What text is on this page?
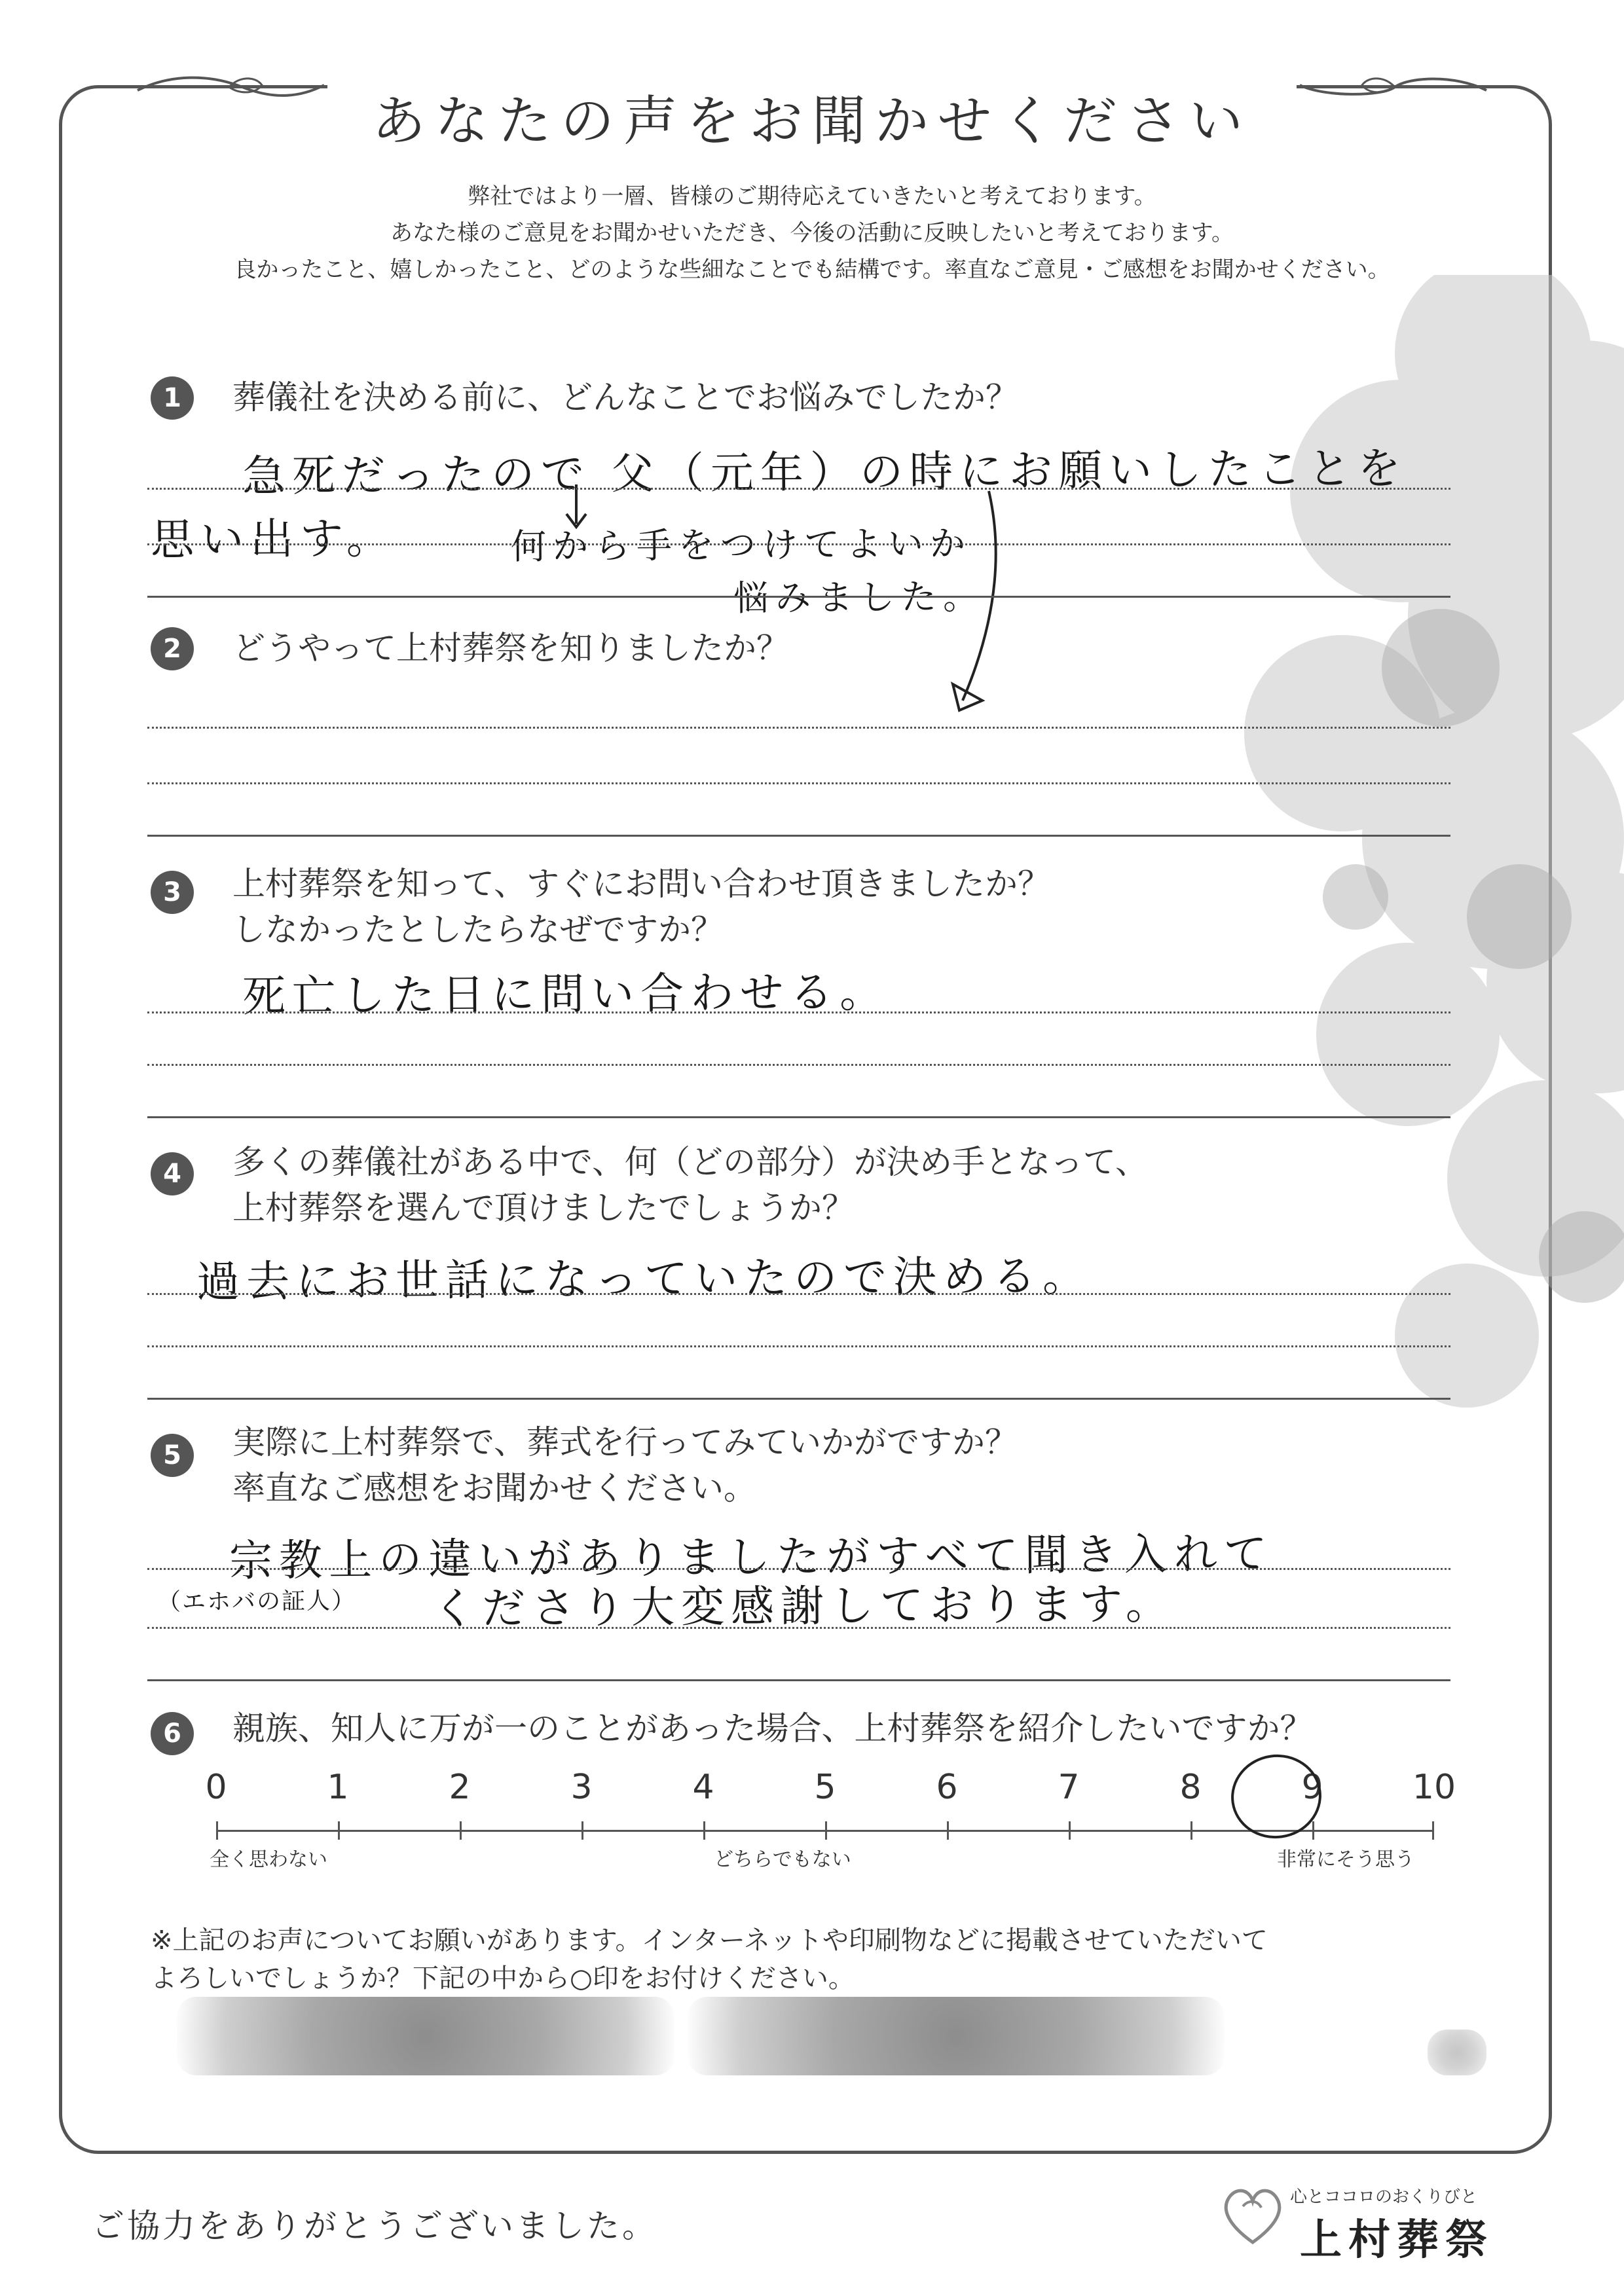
あなたの声をお聞かせください
弊社ではより一層、皆様のご期待応えていきたいと考えております。
あなた様のご意見をお聞かせいただき、今後の活動に反映したいと考えております。
良かったこと、嬉しかったこと、どのような些細なことでも結構です。率直なご意見・ご感想をお聞かせください。
1	葬儀社を決める前に、どんなことでお悩みでしたか？
急死だったので 父（元年）の時にお願いしたことを
思い出す。	何から手をつけてよいか
悩みました。
2	どうやって上村葬祭を知りましたか？
3	上村葬祭を知って、すぐにお問い合わせ頂きましたか？
しなかったとしたらなぜですか？
死亡した日に問い合わせる。
4	多くの葬儀社がある中で、何（どの部分）が決め手となって、
上村葬祭を選んで頂けましたでしょうか？
過去にお世話になっていたので決める。
5	実際に上村葬祭で、葬式を行ってみていかがですか？
率直なご感想をお聞かせください。
宗教上の違いがありましたがすべて聞き入れて
（エホバの証人） くださり大変感謝しております。
6	親族、知人に万が一のことがあった場合、上村葬祭を紹介したいですか？
0	1	2	3	4	5	6	7	8	9	10
全く思わない	どちらでもない	非常にそう思う
※上記のお声についてお願いがあります。インターネットや印刷物などに掲載させていただいて
よろしいでしょうか？下記の中から○印をお付けください。
ご協力をありがとうございました。
心とココロのおくりびと
上村葬祭
